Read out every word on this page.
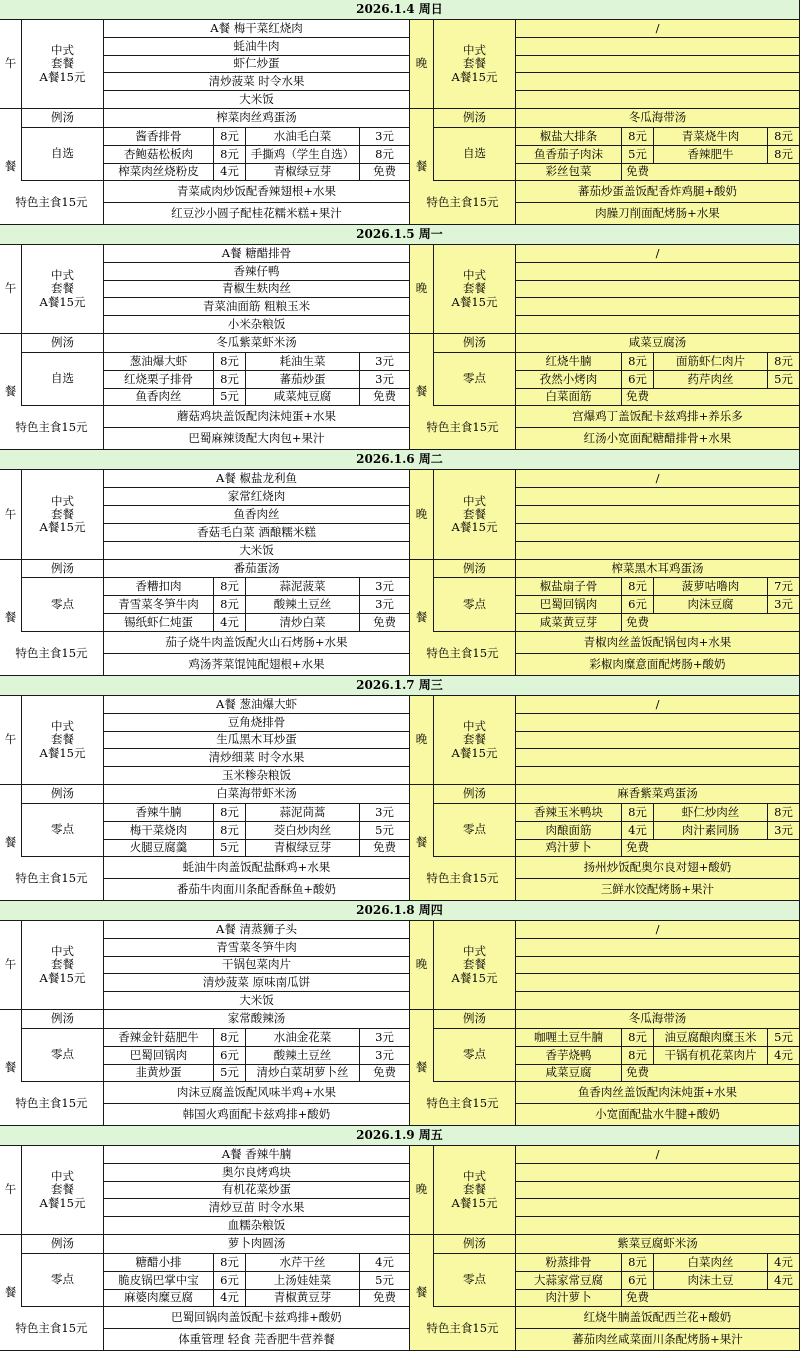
2026.1.4 周日
午
餐
中式
套餐
A餐15元
A餐 梅干菜红烧肉
蚝油牛肉
虾仁炒蛋
清炒菠菜 时令水果
大米饭
例汤	榨菜肉丝鸡蛋汤
自选
酱香排骨	8元	水油毛白菜	3元
杏鲍菇松板肉	8元	手撕鸡（学生自选）	8元
榨菜肉丝烧粉皮	4元	青椒绿豆芽	免费
特色主食15元
青菜咸肉炒饭配香辣翅根+水果
红豆沙小圆子配桂花糯米糕+果汁
晚
餐
中式
套餐
A餐15元
/
例汤	冬瓜海带汤
自选
椒盐大排条	8元	青菜烧牛肉	8元
鱼香茄子肉沫	5元	香辣肥牛	8元
彩丝包菜	免费
特色主食15元
蕃茄炒蛋盖饭配香炸鸡腿+酸奶
肉臊刀削面配烤肠+水果
2026.1.5 周一
午
餐
中式
套餐
A餐15元
A餐 糖醋排骨
香辣仔鸭
青椒生麸肉丝
青菜油面筋 粗粮玉米
小米杂粮饭
例汤	冬瓜紫菜虾米汤
自选
葱油爆大虾	8元	耗油生菜	3元
红烧栗子排骨	8元	蕃茄炒蛋	3元
鱼香肉丝	5元	咸菜炖豆腐	免费
特色主食15元
蘑菇鸡块盖饭配肉沫炖蛋+水果
巴蜀麻辣烫配大肉包+果汁
晚
餐
中式
套餐
A餐15元
/
例汤	咸菜豆腐汤
零点
红烧牛腩	8元	面筋虾仁肉片	8元
孜然小烤肉	6元	药芹肉丝	5元
白菜面筋	免费
特色主食15元
宫爆鸡丁盖饭配卡兹鸡排+养乐多
红汤小宽面配糖醋排骨+水果
2026.1.6 周二
午
餐
中式
套餐
A餐15元
A餐 椒盐龙利鱼
家常红烧肉
鱼香肉丝
香菇毛白菜 酒酿糯米糕
大米饭
例汤	番茄蛋汤
零点
香糟扣肉	8元	蒜泥菠菜	3元
青雪菜冬笋牛肉	8元	酸辣土豆丝	3元
锡纸虾仁炖蛋	4元	清炒白菜	免费
特色主食15元
茄子烧牛肉盖饭配火山石烤肠+水果
鸡汤荠菜馄饨配翅根+水果
晚
餐
中式
套餐
A餐15元
/
例汤	榨菜黑木耳鸡蛋汤
零点
椒盐扇子骨	8元	菠萝咕噜肉	7元
巴蜀回锅肉	6元	肉沫豆腐	3元
咸菜黄豆芽	免费
特色主食15元
青椒肉丝盖饭配锅包肉+水果
彩椒肉糜意面配烤肠+酸奶
2026.1.7 周三
午
餐
中式
套餐
A餐15元
A餐 葱油爆大虾
豆角烧排骨
生瓜黑木耳炒蛋
清炒细菜 时令水果
玉米糁杂粮饭
例汤	白菜海带虾米汤
零点
香辣牛腩	8元	蒜泥茼蒿	3元
梅干菜烧肉	8元	茭白炒肉丝	5元
火腿豆腐羹	5元	青椒绿豆芽	免费
特色主食15元
蚝油牛肉盖饭配盐酥鸡+水果
番茄牛肉面川条配香酥鱼+酸奶
晚
餐
中式
套餐
A餐15元
/
例汤	麻香紫菜鸡蛋汤
零点
香辣玉米鸭块	8元	虾仁炒肉丝	8元
肉酿面筋	4元	肉汁素同肠	3元
鸡汁萝卜	免费
特色主食15元
扬州炒饭配奥尔良对翅+酸奶
三鲜水饺配烤肠+果汁
2026.1.8 周四
午
餐
中式
套餐
A餐15元
A餐 清蒸狮子头
青雪菜冬笋牛肉
干锅包菜肉片
清炒菠菜 原味南瓜饼
大米饭
例汤	家常酸辣汤
零点
香辣金针菇肥牛	8元	水油金花菜	3元
巴蜀回锅肉	6元	酸辣土豆丝	3元
韭黄炒蛋	5元	清炒白菜胡萝卜丝	免费
特色主食15元
肉沫豆腐盖饭配风味半鸡+水果
韩国火鸡面配卡兹鸡排+酸奶
晚
餐
中式
套餐
A餐15元
/
例汤	冬瓜海带汤
零点
咖喱土豆牛腩	8元	油豆腐酿肉糜玉米	5元
香芋烧鸭	8元	干锅有机花菜肉片	4元
咸菜豆腐	免费
特色主食15元
鱼香肉丝盖饭配肉沫炖蛋+水果
小宽面配盐水牛腱+酸奶
2026.1.9 周五
午
餐
中式
套餐
A餐15元
A餐 香辣牛腩
奥尔良烤鸡块
有机花菜炒蛋
清炒豆苗 时令水果
血糯杂粮饭
例汤	萝卜肉圆汤
零点
糖醋小排	8元	水芹干丝	4元
脆皮锅巴掌中宝	6元	上汤娃娃菜	5元
麻婆肉糜豆腐	4元	青椒黄豆芽	免费
特色主食15元
巴蜀回锅肉盖饭配卡兹鸡排+酸奶
体重管理 轻食 芫香肥牛营养餐
晚
餐
中式
套餐
A餐15元
/
例汤	紫菜豆腐虾米汤
零点
粉蒸排骨	8元	白菜肉丝	4元
大蒜家常豆腐	6元	肉沫土豆	4元
肉汁萝卜	免费
特色主食15元
红烧牛腩盖饭配西兰花+酸奶
蕃茄肉丝咸菜面川条配烤肠+果汁
